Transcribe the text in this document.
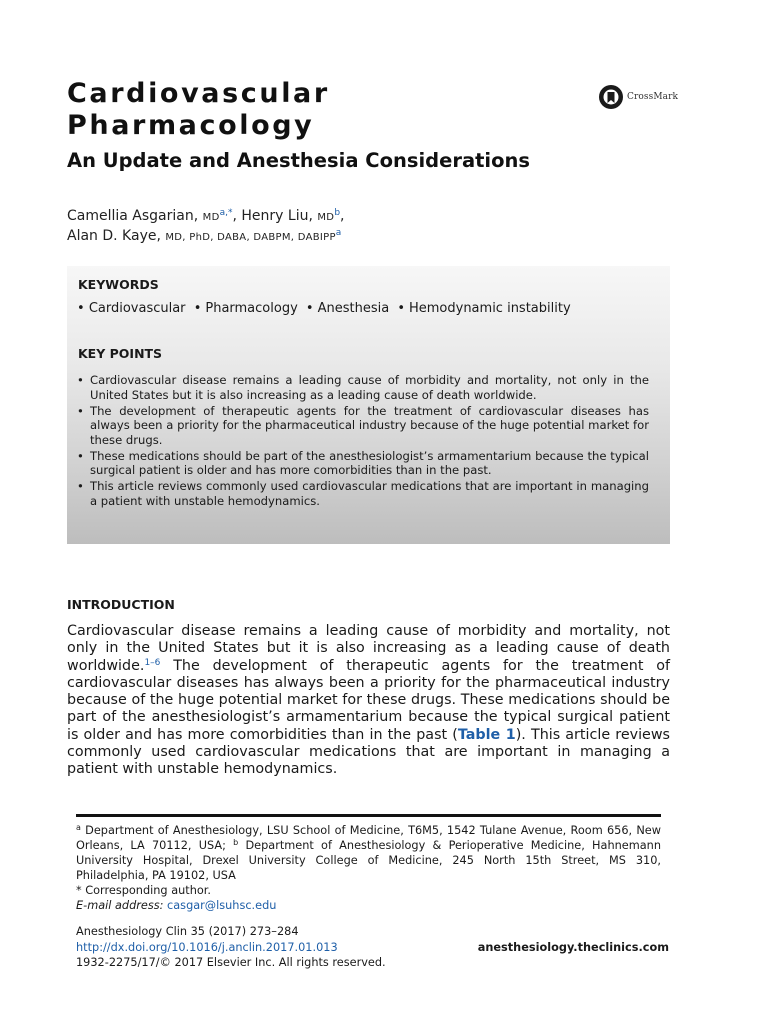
Cardiovascular
Pharmacology
An Update and Anesthesia Considerations
CrossMark
Camellia Asgarian, $MD^{a,*}$, Henry Liu, $MD^b$,
Alan D. Kaye, MD, PhD, DABA, DABPM, DABIPP$^a$
KEYWORDS
• Cardiovascular • Pharmacology • Anesthesia • Hemodynamic instability
KEY POINTS
• Cardiovascular disease remains a leading cause of morbidity and mortality, not only in the United States but it is also increasing as a leading cause of death worldwide.
• The development of therapeutic agents for the treatment of cardiovascular diseases has always been a priority for the pharmaceutical industry because of the huge potential market for these drugs.
• These medications should be part of the anesthesiologist’s armamentarium because the typical surgical patient is older and has more comorbidities than in the past.
• This article reviews commonly used cardiovascular medications that are important in managing a patient with unstable hemodynamics.
INTRODUCTION

Cardiovascular disease remains a leading cause of morbidity and mortality, not only in the United States but it is also increasing as a leading cause of death worldwide.$^{1-6}$ The development of therapeutic agents for the treatment of cardiovascular diseases has always been a priority for the pharmaceutical industry because of the huge potential market for these drugs. These medications should be part of the anesthesiologist’s armamentarium because the typical surgical patient is older and has more comorbidities than in the past (Table 1). This article reviews commonly used cardiovascular medications that are important in managing a patient with unstable hemodynamics.

$^a$ Department of Anesthesiology, LSU School of Medicine, T6M5, 1542 Tulane Avenue, Room 656, New Orleans, LA 70112, USA; $^b$ Department of Anesthesiology & Perioperative Medicine, Hahnemann University Hospital, Drexel University College of Medicine, 245 North 15th Street, MS 310, Philadelphia, PA 19102, USA

* Corresponding author.

E-mail address: casgar@lsuhsc.edu

Anesthesiology Clin 35 (2017) 273–284
http://dx.doi.org/10.1016/j.anclin.2017.01.013
1932-2275/17/© 2017 Elsevier Inc. All rights reserved.
anesthesiology.theclinics.com
